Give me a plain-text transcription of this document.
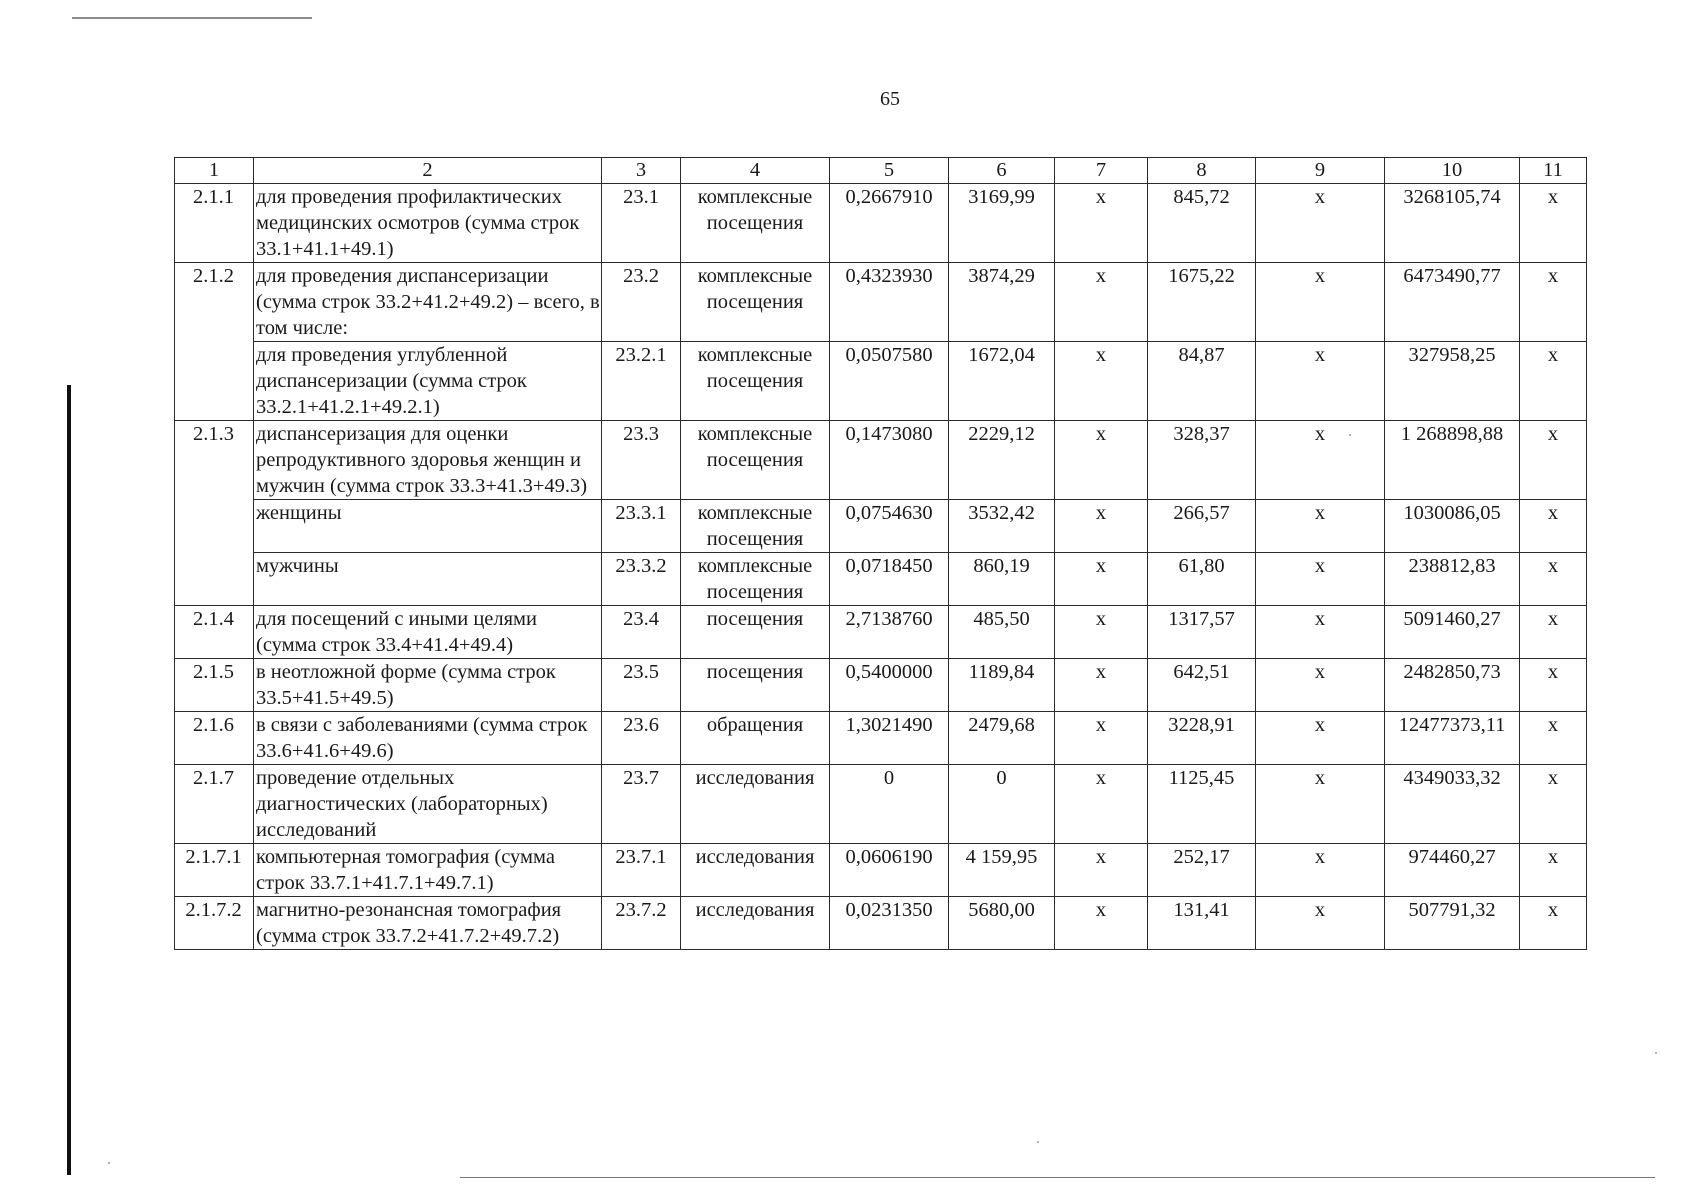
65
1	2	3	4	5	6	7	8	9	10	11
2.1.1	для проведения профилактических медицинских осмотров (сумма строк 33.1+41.1+49.1)	23.1	комплексные посещения	0,2667910	3169,99	х	845,72	х	3268105,74	х
2.1.2	для проведения диспансеризации (сумма строк 33.2+41.2+49.2) – всего, в том числе:	23.2	комплексные посещения	0,4323930	3874,29	х	1675,22	х	6473490,77	х
	для проведения углубленной диспансеризации (сумма строк 33.2.1+41.2.1+49.2.1)	23.2.1	комплексные посещения	0,0507580	1672,04	х	84,87	х	327958,25	х
2.1.3	диспансеризация для оценки репродуктивного здоровья женщин и мужчин (сумма строк 33.3+41.3+49.3)	23.3	комплексные посещения	0,1473080	2229,12	х	328,37	х	1 268898,88	х
	женщины	23.3.1	комплексные посещения	0,0754630	3532,42	х	266,57	х	1030086,05	х
	мужчины	23.3.2	комплексные посещения	0,0718450	860,19	х	61,80	х	238812,83	х
2.1.4	для посещений с иными целями (сумма строк 33.4+41.4+49.4)	23.4	посещения	2,7138760	485,50	х	1317,57	х	5091460,27	х
2.1.5	в неотложной форме (сумма строк 33.5+41.5+49.5)	23.5	посещения	0,5400000	1189,84	х	642,51	х	2482850,73	х
2.1.6	в связи с заболеваниями (сумма строк 33.6+41.6+49.6)	23.6	обращения	1,3021490	2479,68	х	3228,91	х	12477373,11	х
2.1.7	проведение отдельных диагностических (лабораторных) исследований	23.7	исследования	0	0	х	1125,45	х	4349033,32	х
2.1.7.1	компьютерная томография (сумма строк 33.7.1+41.7.1+49.7.1)	23.7.1	исследования	0,0606190	4 159,95	х	252,17	х	974460,27	х
2.1.7.2	магнитно-резонансная томография (сумма строк 33.7.2+41.7.2+49.7.2)	23.7.2	исследования	0,0231350	5680,00	х	131,41	х	507791,32	х
